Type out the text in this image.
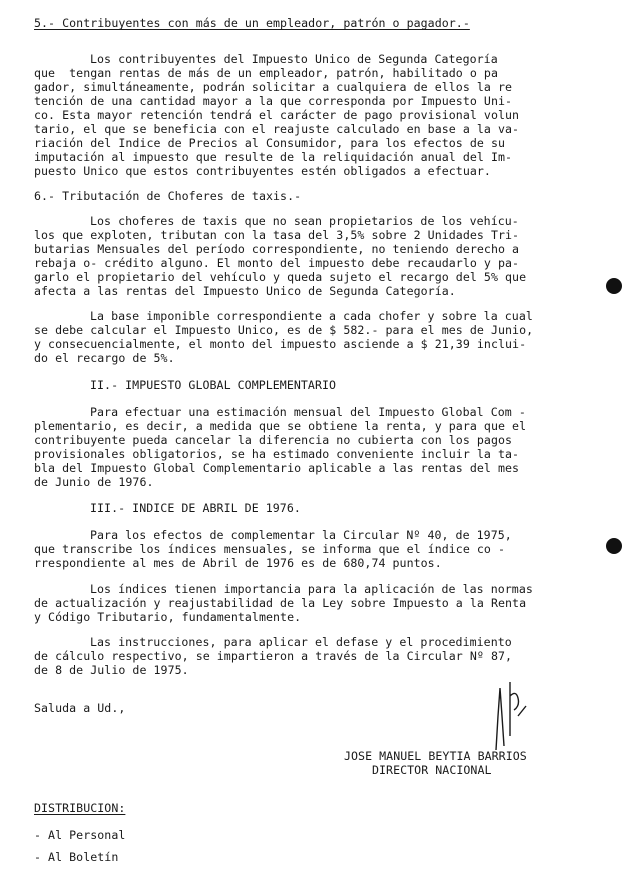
5.- Contribuyentes con más de un empleador, patrón o pagador.-
Los contribuyentes del Impuesto Unico de Segunda Categoría
que  tengan rentas de más de un empleador, patrón, habilitado o pa
gador, simultáneamente, podrán solicitar a cualquiera de ellos la re
tención de una cantidad mayor a la que corresponda por Impuesto Uni-
co. Esta mayor retención tendrá el carácter de pago provisional volun
tario, el que se beneficia con el reajuste calculado en base a la va-
riación del Indice de Precios al Consumidor, para los efectos de su
imputación al impuesto que resulte de la reliquidación anual del Im-
puesto Unico que estos contribuyentes estén obligados a efectuar.
6.- Tributación de Choferes de taxis.-
Los choferes de taxis que no sean propietarios de los vehícu-
los que exploten, tributan con la tasa del 3,5% sobre 2 Unidades Tri-
butarias Mensuales del período correspondiente, no teniendo derecho a
rebaja o- crédito alguno. El monto del impuesto debe recaudarlo y pa-
garlo el propietario del vehículo y queda sujeto el recargo del 5% que
afecta a las rentas del Impuesto Unico de Segunda Categoría.
La base imponible correspondiente a cada chofer y sobre la cual
se debe calcular el Impuesto Unico, es de $ 582.- para el mes de Junio,
y consecuencialmente, el monto del impuesto asciende a $ 21,39 inclui-
do el recargo de 5%.
II.- IMPUESTO GLOBAL COMPLEMENTARIO
Para efectuar una estimación mensual del Impuesto Global Com -
plementario, es decir, a medida que se obtiene la renta, y para que el
contribuyente pueda cancelar la diferencia no cubierta con los pagos
provisionales obligatorios, se ha estimado conveniente incluir la ta-
bla del Impuesto Global Complementario aplicable a las rentas del mes
de Junio de 1976.
III.- INDICE DE ABRIL DE 1976.
Para los efectos de complementar la Circular Nº 40, de 1975,
que transcribe los índices mensuales, se informa que el índice co -
rrespondiente al mes de Abril de 1976 es de 680,74 puntos.
Los índices tienen importancia para la aplicación de las normas
de actualización y reajustabilidad de la Ley sobre Impuesto a la Renta
y Código Tributario, fundamentalmente.
Las instrucciones, para aplicar el defase y el procedimiento
de cálculo respectivo, se impartieron a través de la Circular Nº 87,
de 8 de Julio de 1975.
Saluda a Ud.,
JOSE MANUEL BEYTIA BARRIOS
DIRECTOR NACIONAL
DISTRIBUCION:
- Al Personal
- Al Boletín
